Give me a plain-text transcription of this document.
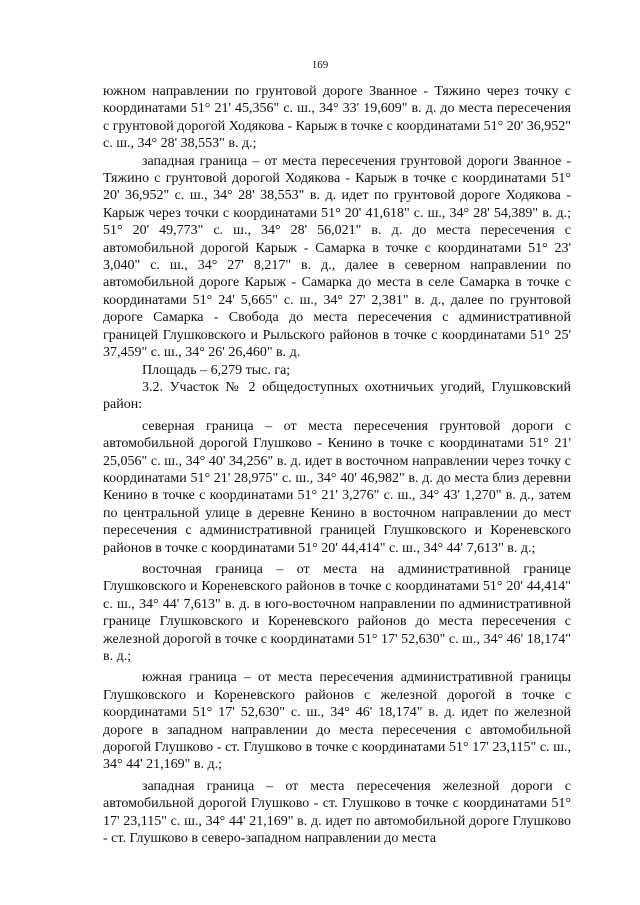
169

южном направлении по грунтовой дороге Званное - Тяжино через точку с координатами 51° 21' 45,356" с. ш., 34° 33' 19,609" в. д. до места пересечения с грунтовой дорогой Ходякова - Карыж в точке с координатами 51° 20' 36,952" с. ш., 34° 28' 38,553" в. д.;

западная граница – от места пересечения грунтовой дороги Званное - Тяжино с грунтовой дорогой Ходякова - Карыж в точке с координатами 51° 20' 36,952" с. ш., 34° 28' 38,553" в. д. идет по грунтовой дороге Ходякова - Карыж через точки с координатами 51° 20' 41,618" с. ш., 34° 28' 54,389" в. д.; 51° 20' 49,773" с. ш., 34° 28' 56,021" в. д. до места пересечения с автомобильной дорогой Карыж - Самарка в точке с координатами 51° 23' 3,040" с. ш., 34° 27' 8,217" в. д., далее в северном направлении по автомобильной дороге Карыж - Самарка до места в селе Самарка в точке с координатами 51° 24' 5,665" с. ш., 34° 27' 2,381" в. д., далее по грунтовой дороге Самарка - Свобода до места пересечения с административной границей Глушковского и Рыльского районов в точке с координатами 51° 25' 37,459" с. ш., 34° 26' 26,460" в. д.

Площадь – 6,279 тыс. га;

3.2. Участок № 2 общедоступных охотничьих угодий, Глушковский район:

северная граница – от места пересечения грунтовой дороги с автомобильной дорогой Глушково - Кенино в точке с координатами 51° 21' 25,056" с. ш., 34° 40' 34,256" в. д. идет в восточном направлении через точку с координатами 51° 21' 28,975" с. ш., 34° 40' 46,982" в. д. до места близ деревни Кенино в точке с координатами 51° 21' 3,276" с. ш., 34° 43' 1,270" в. д., затем по центральной улице в деревне Кенино в восточном направлении до мест пересечения с административной границей Глушковского и Кореневского районов в точке с координатами 51° 20' 44,414" с. ш., 34° 44' 7,613" в. д.;

восточная граница – от места на административной границе Глушковского и Кореневского районов в точке с координатами 51° 20' 44,414" с. ш., 34° 44' 7,613" в. д. в юго-восточном направлении по административной границе Глушковского и Кореневского районов до места пересечения с железной дорогой в точке с координатами 51° 17' 52,630" с. ш., 34° 46' 18,174" в. д.;

южная граница – от места пересечения административной границы Глушковского и Кореневского районов с железной дорогой в точке с координатами 51° 17' 52,630" с. ш., 34° 46' 18,174" в. д. идет по железной дороге в западном направлении до места пересечения с автомобильной дорогой Глушково - ст. Глушково в точке с координатами 51° 17' 23,115" с. ш., 34° 44' 21,169" в. д.;

западная граница – от места пересечения железной дороги с автомобильной дорогой Глушково - ст. Глушково в точке с координатами 51° 17' 23,115" с. ш., 34° 44' 21,169" в. д. идет по автомобильной дороге Глушково - ст. Глушково в северо-западном направлении до места
